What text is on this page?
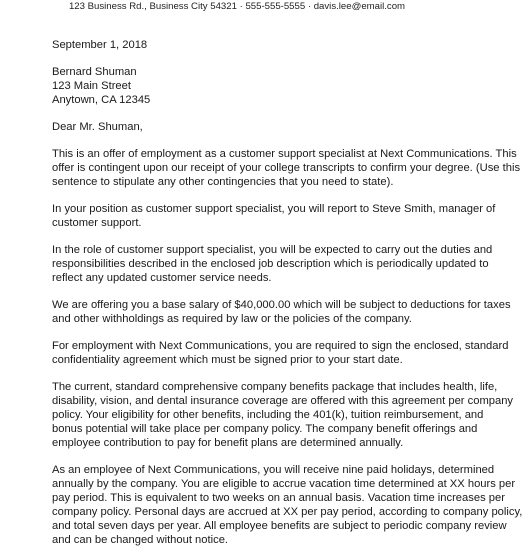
123 Business Rd., Business City 54321 · 555-555-5555 · davis.lee@email.com
September 1, 2018
Bernard Shuman
123 Main Street
Anytown, CA 12345
Dear Mr. Shuman,
This is an offer of employment as a customer support specialist at Next Communications. This
offer is contingent upon our receipt of your college transcripts to confirm your degree. (Use this
sentence to stipulate any other contingencies that you need to state).
In your position as customer support specialist, you will report to Steve Smith, manager of
customer support.
In the role of customer support specialist, you will be expected to carry out the duties and
responsibilities described in the enclosed job description which is periodically updated to
reflect any updated customer service needs.
We are offering you a base salary of $40,000.00 which will be subject to deductions for taxes
and other withholdings as required by law or the policies of the company.
For employment with Next Communications, you are required to sign the enclosed, standard
confidentiality agreement which must be signed prior to your start date.
The current, standard comprehensive company benefits package that includes health, life,
disability, vision, and dental insurance coverage are offered with this agreement per company
policy. Your eligibility for other benefits, including the 401(k), tuition reimbursement, and
bonus potential will take place per company policy. The company benefit offerings and
employee contribution to pay for benefit plans are determined annually.
As an employee of Next Communications, you will receive nine paid holidays, determined
annually by the company. You are eligible to accrue vacation time determined at XX hours per
pay period. This is equivalent to two weeks on an annual basis. Vacation time increases per
company policy. Personal days are accrued at XX per pay period, according to company policy,
and total seven days per year. All employee benefits are subject to periodic company review
and can be changed without notice.
